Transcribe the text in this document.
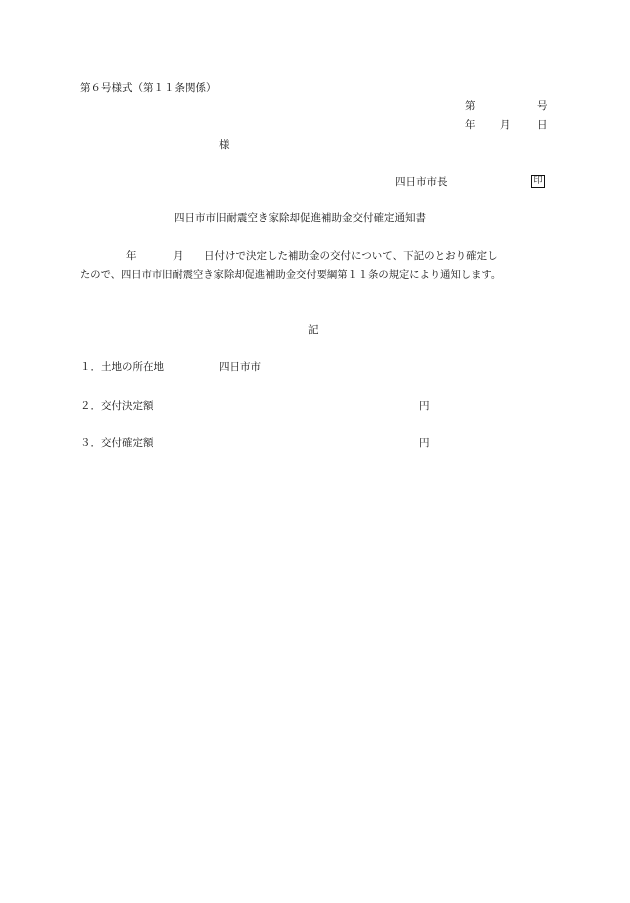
第６号様式（第１１条関係）
第	号
年 月	日
様
四日市市長	印
四日市市旧耐震空き家除却促進補助金交付確定通知書
年	月 日付けで決定した補助金の交付について、下記のとおり確定し
たので、四日市市旧耐震空き家除却促進補助金交付要綱第１１条の規定により通知します。
記
１．土地の所在地	四日市市
２．交付決定額	円
３．交付確定額	円
